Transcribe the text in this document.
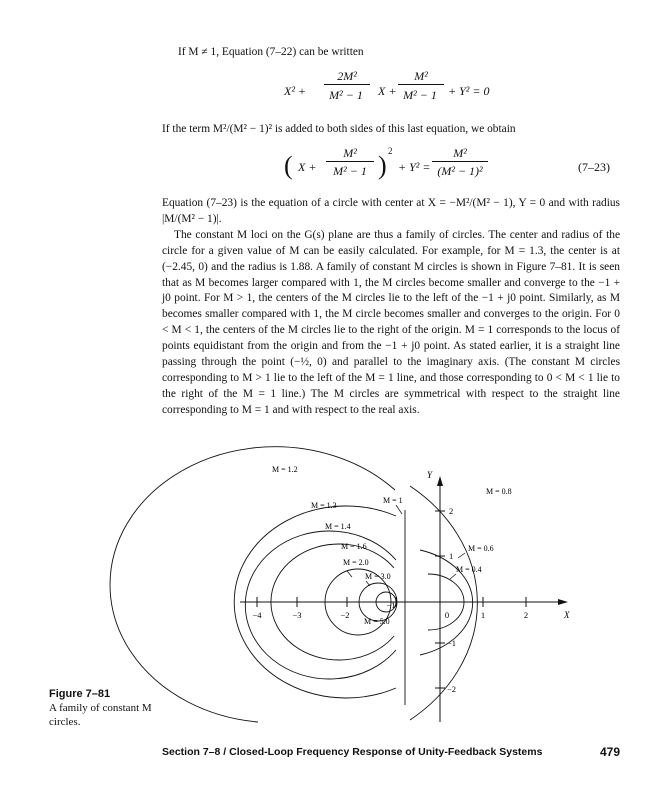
If M ≠ 1, Equation (7–22) can be written
X² +
2M²
M² − 1	X +
M²
M² − 1 + Y² = 0
If the term M²/(M² − 1)² is added to both sides of this last equation, we obtain
( X +
M²
M² − 1 ) 2
+ Y² =
M²
(M² − 1)²	(7–23)

Equation (7–23) is the equation of a circle with center at X = −M²/(M² − 1), Y = 0 and with radius |M/(M² − 1)|.

The constant M loci on the G(s) plane are thus a family of circles. The center and radius of the circle for a given value of M can be easily calculated. For example, for M = 1.3, the center is at (−2.45, 0) and the radius is 1.88. A family of constant M circles is shown in Figure 7–81. It is seen that as M becomes larger compared with 1, the M circles become smaller and converge to the −1 + j0 point. For M > 1, the centers of the M circles lie to the left of the −1 + j0 point. Similarly, as M becomes smaller compared with 1, the M circle becomes smaller and converges to the origin. For 0 < M < 1, the centers of the M circles lie to the right of the origin. M = 1 corresponds to the locus of points equidistant from the origin and from the −1 + j0 point. As stated earlier, it is a straight line passing through the point (−½, 0) and parallel to the imaginary axis. (The constant M circles corresponding to M > 1 lie to the left of the M = 1 line, and those corresponding to 0 < M < 1 lie to the right of the M = 1 line.) The M circles are symmetrical with respect to the straight line corresponding to M = 1 and with respect to the real axis.

Y
X
−4	−3	−2
−1
0	1	2
2
1
−1
−2
M = 1.2
M = 1.3
M = 1
M = 1.4
M = 1.6
M = 2.0
M = 3.0
M = 5.0
M = 0.8
M = 0.6
M = 0.4
Figure 7–81
A family of constant M circles.
Section 7–8 / Closed-Loop Frequency Response of Unity-Feedback Systems	479
